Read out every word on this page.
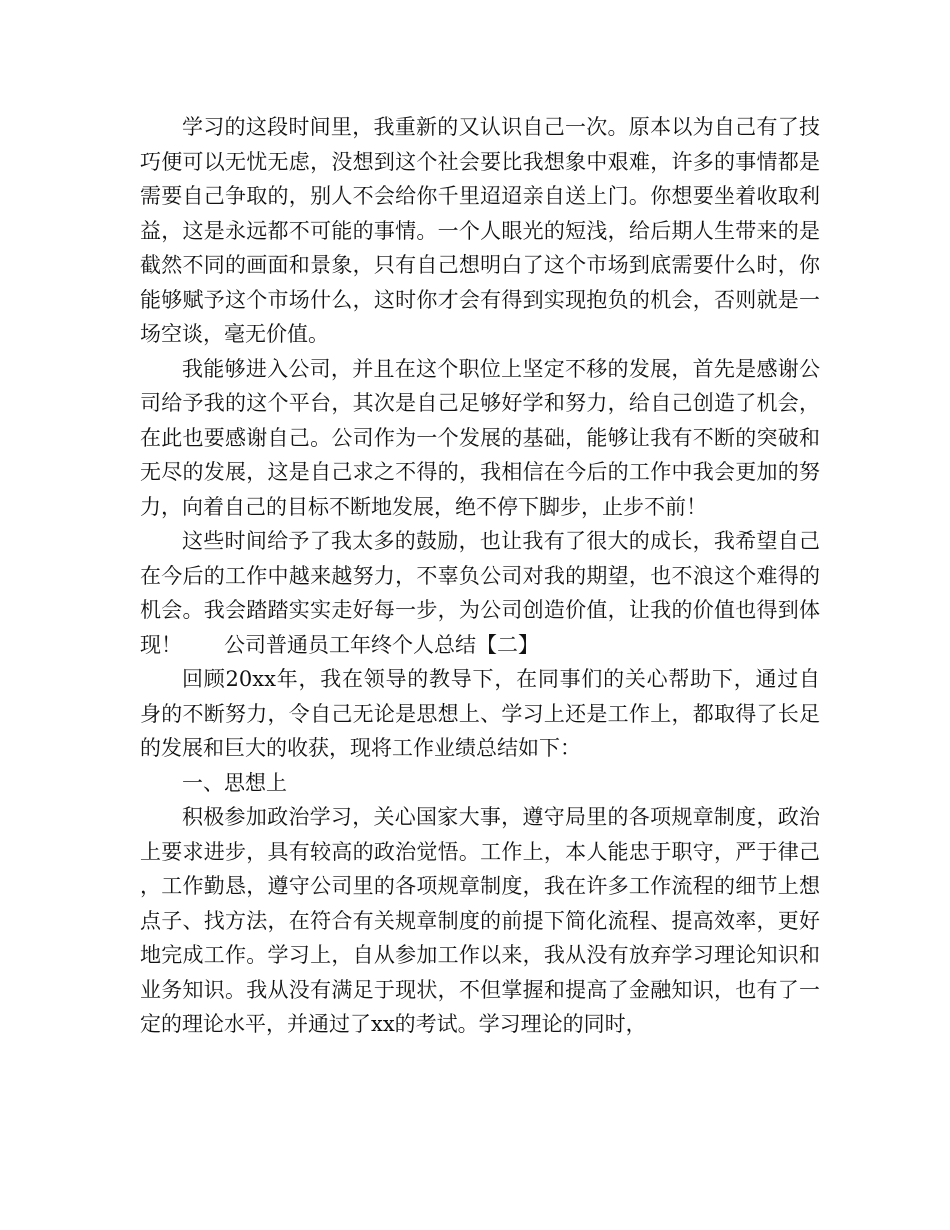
学习的这段时间里，我重新的又认识自己一次。原本以为自己有了技巧便可以无忧无虑，没想到这个社会要比我想象中艰难，许多的事情都是需要自己争取的，别人不会给你千里迢迢亲自送上门。你想要坐着收取利益，这是永远都不可能的事情。一个人眼光的短浅，给后期人生带来的是截然不同的画面和景象，只有自己想明白了这个市场到底需要什么时，你能够赋予这个市场什么，这时你才会有得到实现抱负的机会，否则就是一场空谈，毫无价值。

我能够进入公司，并且在这个职位上坚定不移的发展，首先是感谢公司给予我的这个平台，其次是自己足够好学和努力，给自己创造了机会，在此也要感谢自己。公司作为一个发展的基础，能够让我有不断的突破和无尽的发展，这是自己求之不得的，我相信在今后的工作中我会更加的努力，向着自己的目标不断地发展，绝不停下脚步，止步不前！

这些时间给予了我太多的鼓励，也让我有了很大的成长，我希望自己在今后的工作中越来越努力，不辜负公司对我的期望，也不浪这个难得的机会。我会踏踏实实走好每一步，为公司创造价值，让我的价值也得到体现！ 公司普通员工年终个人总结【二】

回顾20xx年，我在领导的教导下，在同事们的关心帮助下，通过自身的不断努力，令自己无论是思想上、学习上还是工作上，都取得了长足的发展和巨大的收获，现将工作业绩总结如下：

一、思想上

积极参加政治学习，关心国家大事，遵守局里的各项规章制度，政治上要求进步，具有较高的政治觉悟。工作上，本人能忠于职守，严于律己，工作勤恳，遵守公司里的各项规章制度，我在许多工作流程的细节上想点子、找方法，在符合有关规章制度的前提下简化流程、提高效率，更好地完成工作。学习上，自从参加工作以来，我从没有放弃学习理论知识和业务知识。我从没有满足于现状，不但掌握和提高了金融知识，也有了一定的理论水平，并通过了xx的考试。学习理论的同时，
